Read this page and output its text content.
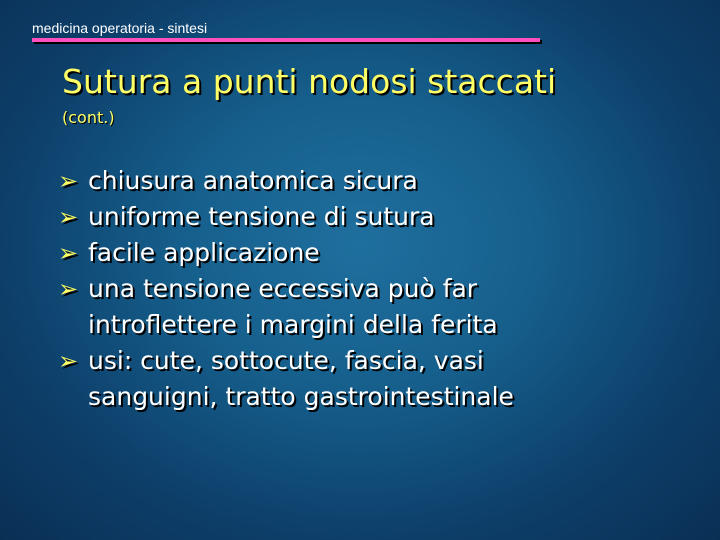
medicina operatoria - sintesi
Sutura a punti nodosi staccati
(cont.)
➢ chiusura anatomica sicura
➢ uniforme tensione di sutura
➢ facile applicazione
➢ una tensione eccessiva può far
introflettere i margini della ferita
➢ usi: cute, sottocute, fascia, vasi
sanguigni, tratto gastrointestinale
